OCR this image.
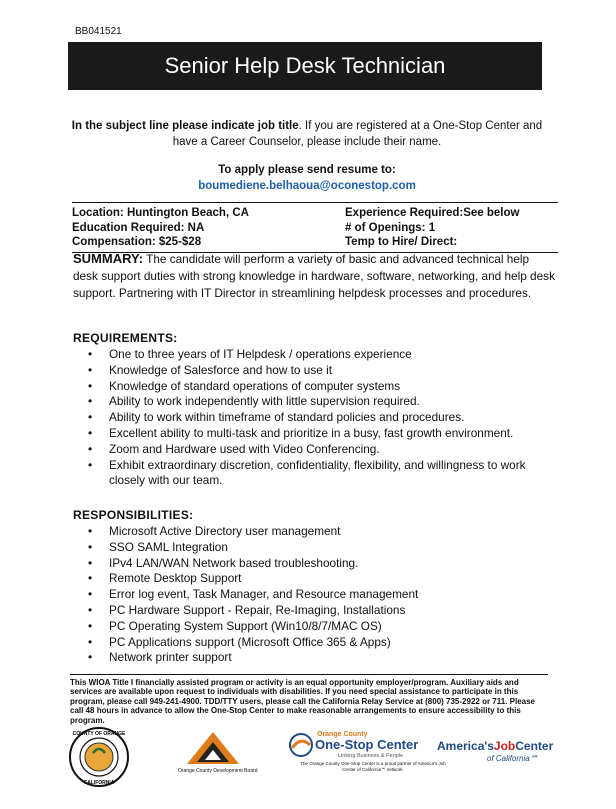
BB041521
Senior Help Desk Technician
In the subject line please indicate job title. If you are registered at a One-Stop Center and have a Career Counselor, please include their name.
To apply please send resume to:
boumediene.belhaoua@oconestop.com
Location: Huntington Beach, CA	Experience Required:See below
Education Required: NA	# of Openings: 1
Compensation: $25-$28	Temp to Hire/ Direct:
SUMMARY: The candidate will perform a variety of basic and advanced technical help desk support duties with strong knowledge in hardware, software, networking, and help desk support. Partnering with IT Director in streamlining helpdesk processes and procedures.
REQUIREMENTS:
• One to three years of IT Helpdesk / operations experience
• Knowledge of Salesforce and how to use it
• Knowledge of standard operations of computer systems
• Ability to work independently with little supervision required.
• Ability to work within timeframe of standard policies and procedures.
• Excellent ability to multi-task and prioritize in a busy, fast growth environment.
• Zoom and Hardware used with Video Conferencing.
• Exhibit extraordinary discretion, confidentiality, flexibility, and willingness to work closely with our team.
RESPONSIBILITIES:
• Microsoft Active Directory user management
• SSO SAML Integration
• IPv4 LAN/WAN Network based troubleshooting.
• Remote Desktop Support
• Error log event, Task Manager, and Resource management
• PC Hardware Support - Repair, Re-Imaging, Installations
• PC Operating System Support (Win10/8/7/MAC OS)
• PC Applications support (Microsoft Office 365 & Apps)
• Network printer support
This WIOA Title I financially assisted program or activity is an equal opportunity employer/program. Auxiliary aids and services are available upon request to individuals with disabilities. If you need special assistance to participate in this program, please call 949-241-4900. TDD/TTY users, please call the California Relay Service at (800) 735-2922 or 711. Please call 48 hours in advance to allow the One-Stop Center to make reasonable arrangements to ensure accessibility to this program.
COUNTY OF ORANGE
CALIFORNIA
Orange County Development Board
Orange County
One-Stop Center
Linking Business & People
The Orange County One-Stop Center is a proud partner of America's Job Center of California℠ network.
America'sJobCenter
of California℠
